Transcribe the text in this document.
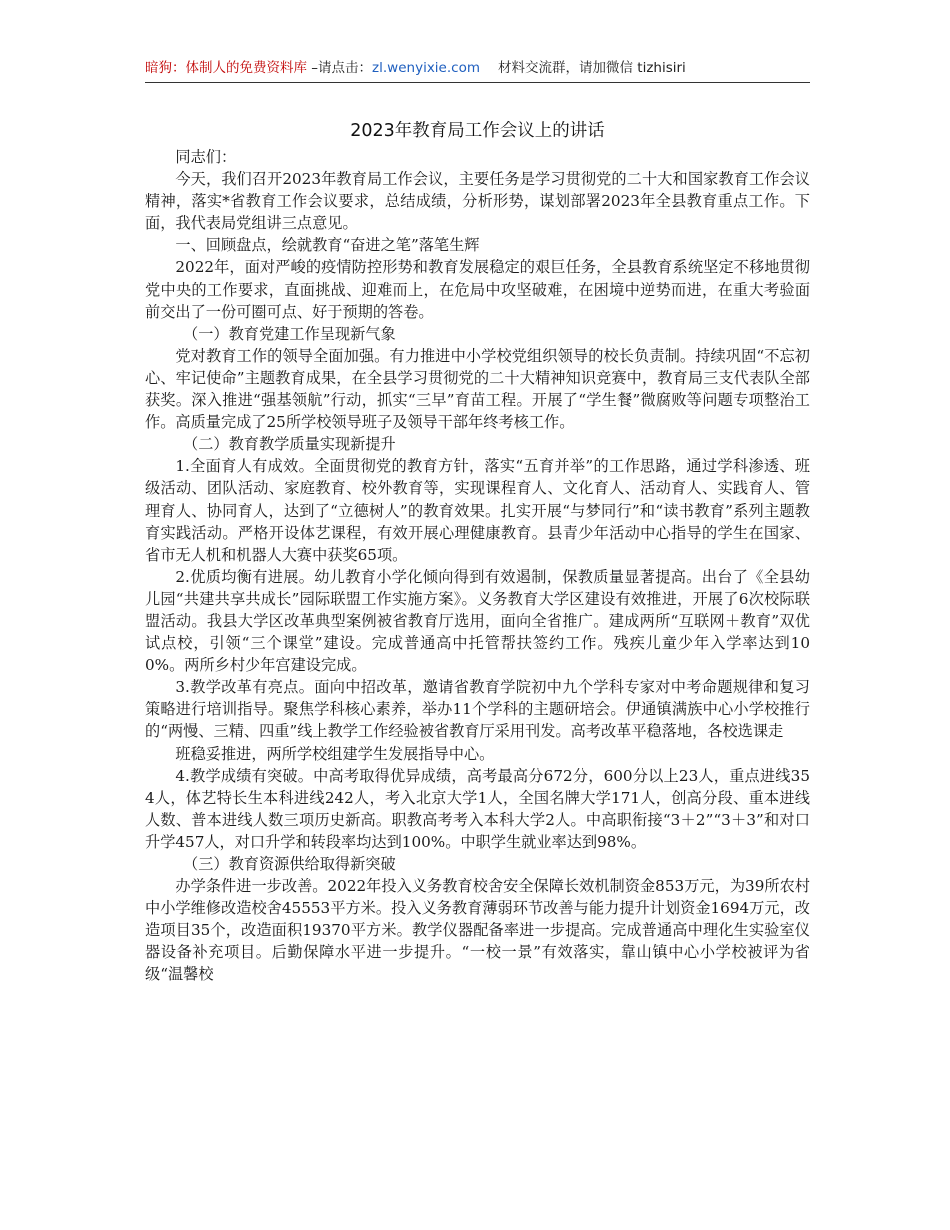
暗狗：体制人的免费资料库 –请点击：zl.wenyixie.com 材料交流群，请加微信 tizhisiri
2023年教育局工作会议上的讲话

同志们：

今天，我们召开2023年教育局工作会议，主要任务是学习贯彻党的二十大和国家教育工作会议精神，落实*省教育工作会议要求，总结成绩，分析形势，谋划部署2023年全县教育重点工作。下面，我代表局党组讲三点意见。

一、回顾盘点，绘就教育“奋进之笔”落笔生辉

2022年，面对严峻的疫情防控形势和教育发展稳定的艰巨任务，全县教育系统坚定不移地贯彻党中央的工作要求，直面挑战、迎难而上，在危局中攻坚破难，在困境中逆势而进，在重大考验面前交出了一份可圈可点、好于预期的答卷。

（一）教育党建工作呈现新气象

党对教育工作的领导全面加强。有力推进中小学校党组织领导的校长负责制。持续巩固“不忘初心、牢记使命”主题教育成果，在全县学习贯彻党的二十大精神知识竞赛中，教育局三支代表队全部获奖。深入推进“强基领航”行动，抓实“三早”育苗工程。开展了“学生餐”微腐败等问题专项整治工作。高质量完成了25所学校领导班子及领导干部年终考核工作。

（二）教育教学质量实现新提升

1.全面育人有成效。全面贯彻党的教育方针，落实“五育并举”的工作思路，通过学科渗透、班级活动、团队活动、家庭教育、校外教育等，实现课程育人、文化育人、活动育人、实践育人、管理育人、协同育人，达到了“立德树人”的教育效果。扎实开展“与梦同行”和“读书教育”系列主题教育实践活动。严格开设体艺课程，有效开展心理健康教育。县青少年活动中心指导的学生在国家、省市无人机和机器人大赛中获奖65项。

2.优质均衡有进展。幼儿教育小学化倾向得到有效遏制，保教质量显著提高。出台了《全县幼儿园“共建共享共成长”园际联盟工作实施方案》。义务教育大学区建设有效推进，开展了6次校际联盟活动。我县大学区改革典型案例被省教育厅选用，面向全省推广。建成两所“互联网＋教育”双优试点校，引领“三个课堂”建设。完成普通高中托管帮扶签约工作。残疾儿童少年入学率达到100%。两所乡村少年宫建设完成。

3.教学改革有亮点。面向中招改革，邀请省教育学院初中九个学科专家对中考命题规律和复习策略进行培训指导。聚焦学科核心素养，举办11个学科的主题研培会。伊通镇满族中心小学校推行的“两慢、三精、四重”线上教学工作经验被省教育厅采用刊发。高考改革平稳落地，各校选课走

班稳妥推进，两所学校组建学生发展指导中心。

4.教学成绩有突破。中高考取得优异成绩，高考最高分672分，600分以上23人，重点进线354人，体艺特长生本科进线242人，考入北京大学1人，全国名牌大学171人，创高分段、重本进线人数、普本进线人数三项历史新高。职教高考考入本科大学2人。中高职衔接“3＋2”“3＋3”和对口升学457人，对口升学和转段率均达到100%。中职学生就业率达到98%。

（三）教育资源供给取得新突破

办学条件进一步改善。2022年投入义务教育校舍安全保障长效机制资金853万元，为39所农村中小学维修改造校舍45553平方米。投入义务教育薄弱环节改善与能力提升计划资金1694万元，改造项目35个，改造面积19370平方米。教学仪器配备率进一步提高。完成普通高中理化生实验室仪器设备补充项目。后勤保障水平进一步提升。“一校一景”有效落实，靠山镇中心小学校被评为省级“温馨校
